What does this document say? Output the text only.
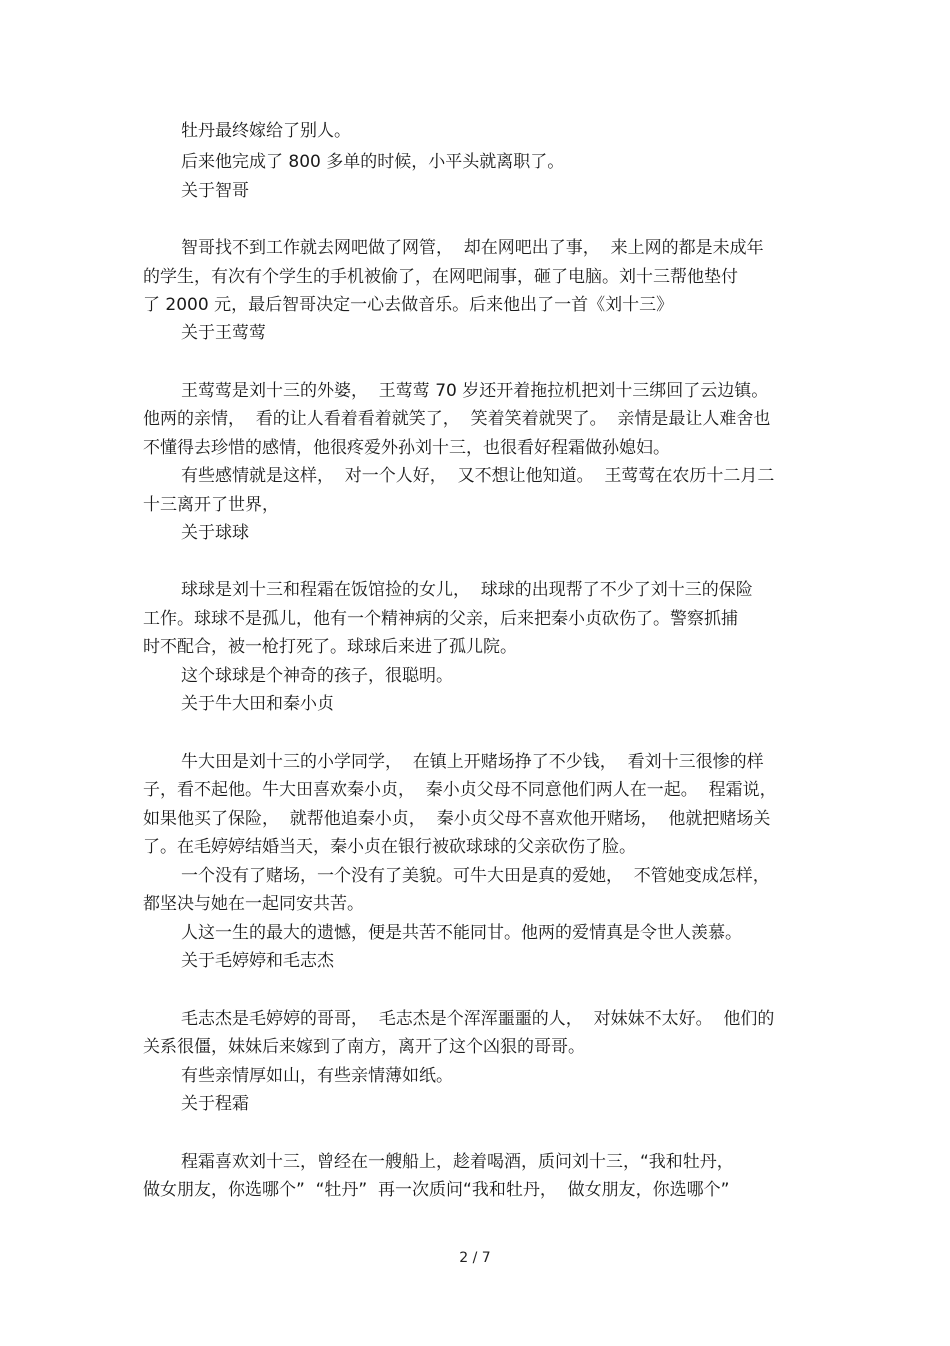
牡丹最终嫁给了别人。
后来他完成了 800 多单的时候，小平头就离职了。
关于智哥
智哥找不到工作就去网吧做了网管，  却在网吧出了事，  来上网的都是未成年
的学生，有次有个学生的手机被偷了，在网吧闹事，砸了电脑。刘十三帮他垫付
了 2000 元，最后智哥决定一心去做音乐。后来他出了一首《刘十三》
关于王莺莺
王莺莺是刘十三的外婆，  王莺莺 70 岁还开着拖拉机把刘十三绑回了云边镇。
他两的亲情，  看的让人看着看着就笑了，  笑着笑着就哭了。  亲情是最让人难舍也
不懂得去珍惜的感情，他很疼爱外孙刘十三，也很看好程霜做孙媳妇。
有些感情就是这样，  对一个人好，  又不想让他知道。  王莺莺在农历十二月二
十三离开了世界，
关于球球
球球是刘十三和程霜在饭馆捡的女儿，  球球的出现帮了不少了刘十三的保险
工作。球球不是孤儿，他有一个精神病的父亲，后来把秦小贞砍伤了。警察抓捕
时不配合，被一枪打死了。球球后来进了孤儿院。
这个球球是个神奇的孩子，很聪明。
关于牛大田和秦小贞
牛大田是刘十三的小学同学，  在镇上开赌场挣了不少钱，  看刘十三很惨的样
子，看不起他。牛大田喜欢秦小贞，  秦小贞父母不同意他们两人在一起。  程霜说，
如果他买了保险，  就帮他追秦小贞，  秦小贞父母不喜欢他开赌场，  他就把赌场关
了。在毛婷婷结婚当天，秦小贞在银行被砍球球的父亲砍伤了脸。
一个没有了赌场，一个没有了美貌。可牛大田是真的爱她，  不管她变成怎样，
都坚决与她在一起同安共苦。
人这一生的最大的遗憾，便是共苦不能同甘。他两的爱情真是令世人羡慕。
关于毛婷婷和毛志杰
毛志杰是毛婷婷的哥哥，  毛志杰是个浑浑噩噩的人，  对妹妹不太好。  他们的
关系很僵，妹妹后来嫁到了南方，离开了这个凶狠的哥哥。
有些亲情厚如山，有些亲情薄如纸。
关于程霜
程霜喜欢刘十三，曾经在一艘船上，趁着喝酒，质问刘十三，“我和牡丹，
做女朋友，你选哪个”  “牡丹”  再一次质问“我和牡丹，  做女朋友，你选哪个”
2 / 7
